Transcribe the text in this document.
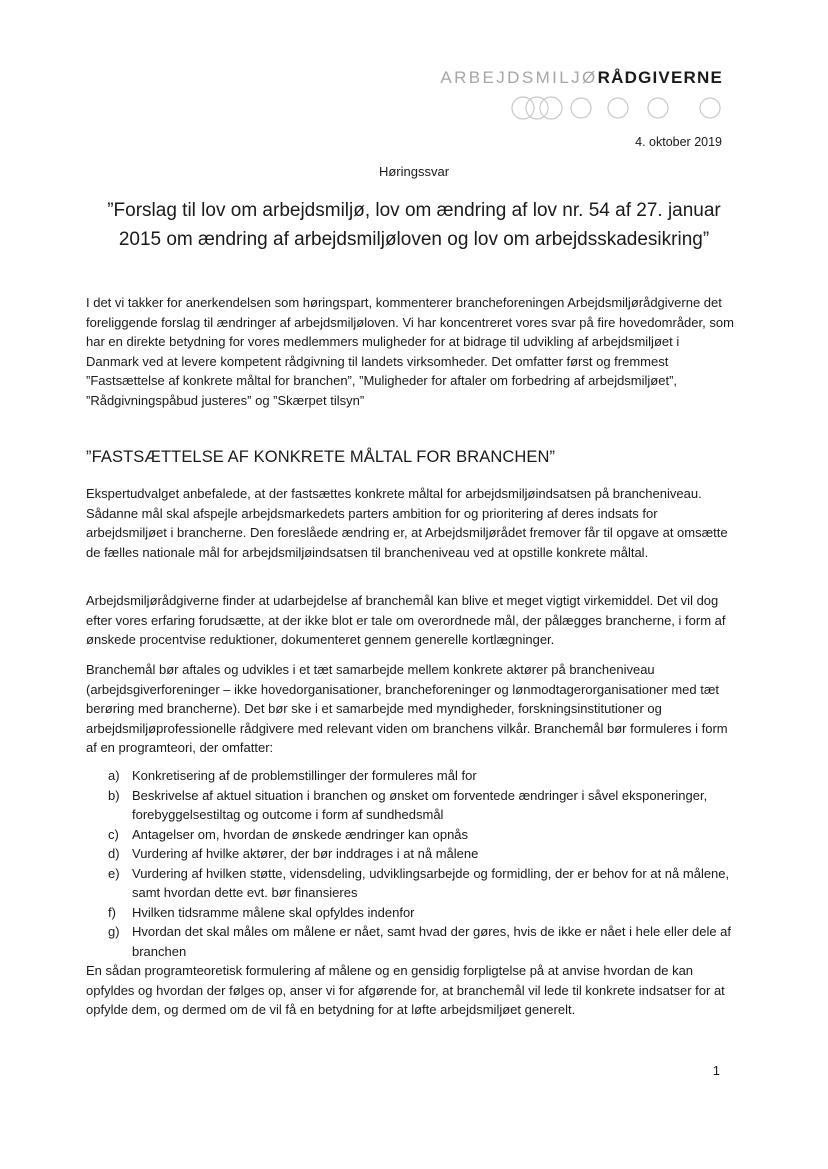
ARBEJDSMILJØRÅDGIVERNE
4. oktober 2019
Høringssvar
”Forslag til lov om arbejdsmiljø, lov om ændring af lov nr. 54 af 27. januar
2015 om ændring af arbejdsmiljøloven og lov om arbejdsskadesikring”

I det vi takker for anerkendelsen som høringspart, kommenterer brancheforeningen Arbejdsmiljørådgiverne det foreliggende forslag til ændringer af arbejdsmiljøloven. Vi har koncentreret vores svar på fire hovedområder, som har en direkte betydning for vores medlemmers muligheder for at bidrage til udvikling af arbejdsmiljøet i Danmark ved at levere kompetent rådgivning til landets virksomheder. Det omfatter først og fremmest ”Fastsættelse af konkrete måltal for branchen”, ”Muligheder for aftaler om forbedring af arbejdsmiljøet”, ”Rådgivningspåbud justeres” og ”Skærpet tilsyn”

”FASTSÆTTELSE AF KONKRETE MÅLTAL FOR BRANCHEN”

Ekspertudvalget anbefalede, at der fastsættes konkrete måltal for arbejdsmiljøindsatsen på brancheniveau. Sådanne mål skal afspejle arbejdsmarkedets parters ambition for og prioritering af deres indsats for arbejdsmiljøet i brancherne. Den foreslåede ændring er, at Arbejdsmiljørådet fremover får til opgave at omsætte de fælles nationale mål for arbejdsmiljøindsatsen til brancheniveau ved at opstille konkrete måltal.

Arbejdsmiljørådgiverne finder at udarbejdelse af branchemål kan blive et meget vigtigt virkemiddel. Det vil dog efter vores erfaring forudsætte, at der ikke blot er tale om overordnede mål, der pålægges brancherne, i form af ønskede procentvise reduktioner, dokumenteret gennem generelle kortlægninger.

Branchemål bør aftales og udvikles i et tæt samarbejde mellem konkrete aktører på brancheniveau (arbejdsgiverforeninger – ikke hovedorganisationer, brancheforeninger og lønmodtagerorganisationer med tæt berøring med brancherne). Det bør ske i et samarbejde med myndigheder, forskningsinstitutioner og arbejdsmiljøprofessionelle rådgivere med relevant viden om branchens vilkår. Branchemål bør formuleres i form af en programteori, der omfatter:

a) Konkretisering af de problemstillinger der formuleres mål for
b) Beskrivelse af aktuel situation i branchen og ønsket om forventede ændringer i såvel eksponeringer, forebyggelsestiltag og outcome i form af sundhedsmål
c) Antagelser om, hvordan de ønskede ændringer kan opnås
d) Vurdering af hvilke aktører, der bør inddrages i at nå målene
e) Vurdering af hvilken støtte, vidensdeling, udviklingsarbejde og formidling, der er behov for at nå målene, samt hvordan dette evt. bør finansieres
f) Hvilken tidsramme målene skal opfyldes indenfor
g) Hvordan det skal måles om målene er nået, samt hvad der gøres, hvis de ikke er nået i hele eller dele af branchen

En sådan programteoretisk formulering af målene og en gensidig forpligtelse på at anvise hvordan de kan opfyldes og hvordan der følges op, anser vi for afgørende for, at branchemål vil lede til konkrete indsatser for at opfylde dem, og dermed om de vil få en betydning for at løfte arbejdsmiljøet generelt.

1
